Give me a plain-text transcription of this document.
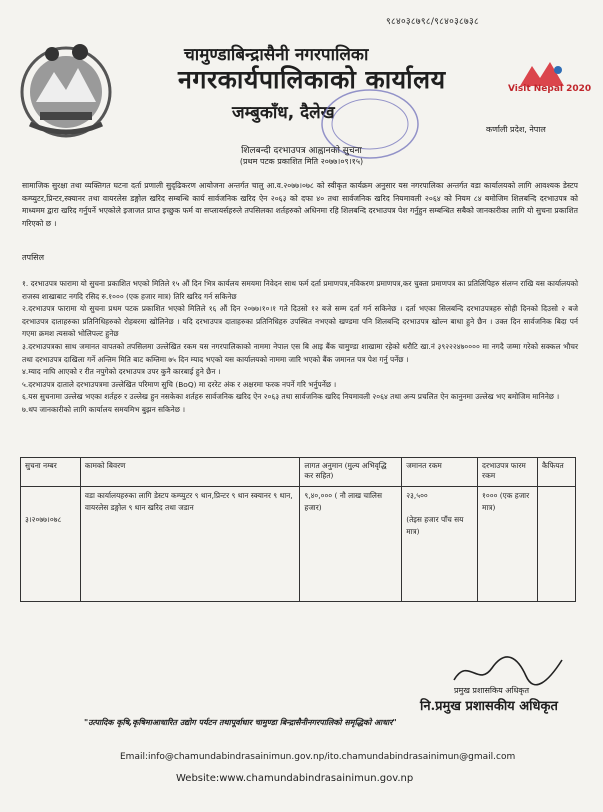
९८४०३८७९८/९८४०३८७३८
चामुण्डाबिन्द्रासैनी नगरपालिका
नगरकार्यपालिकाको कार्यालय
जम्बुकाँध, दैलेख
Visit Nepal 2020
कर्णाली प्रदेश, नेपाल
शिलबन्दी दरभाउपत्र आह्वानको सुचना
(प्रथम पटक प्रकाशित मिति २०७७।०९।१५)
सामाजिक सुरक्षा तथा व्यक्तिगत घटना दर्ता प्रणाली सुदृढिकरण आयोजना अन्तर्गत चालु आ.व.२०७७।०७८ को स्वीकृत कार्यक्रम अनुसार यस नगरपालिका अन्तर्गत वडा कार्यालयको लागि आवश्यक डेस्टप कम्प्युटर,प्रिन्टर,स्क्यानर तथा वायरलेस डङ्गोल खरिद सम्बन्धि कार्य सार्वजनिक खरिद ऐन २०६३ को दफा ४० तथा सार्वजनिक खरिद नियमावली २०६४ को नियम ८४ बमोजिम शिलबन्दि दरभाउपत्र को माध्यमम द्वारा खरिद गर्नुपर्ने भएकोले इजाजत प्राप्त इच्छुक फर्म वा सप्लायर्सहरुले तपसिलका शर्तहरुको अधिनमा रहि शिलबन्दि दरभाउपत्र पेश गर्नुहुन सम्बन्धित सबैको जानकारीका लागि यो सुचना प्रकाशित गरिएको छ ।
तपसिल
१. दरभाउपत्र फारामा यो सुचना प्रकाशित भएको मितिले १५ औं दिन भित्र कार्यलय समयमा निवेदन साथ फर्म दर्ता प्रमाणपत्र,नविकरण प्रमाणपत्र,कर चुक्ता प्रमाणपत्र का प्रतिलिपिहरु संलग्न राखि यस कार्यालयको राजस्व शाखाबाट नगदि रसिद रु.१००० (एक हजार मात्र) तिरि खरिद गर्न सकिनेछ
२.दरभाउपत्र फारामा यो सुचना प्रथम पटक प्रकाशित भएको मितिले १६ औं दिन २०७७।१०।१ गते दिउसो १२ बजे सम्म दर्ता गर्न सकिनेछ । दर्ता भएका सिलबन्दि दरभाउपत्रहरु सोही दिनको दिउसो २ बजे दरभाउपत्र दाताहरुका प्रतिनिधिहरुको रोहबरमा खोलिनेछ । यदि दरभाउपत्र दाताहरुका प्रतिनिधिहरु उपस्थित नभएको खण्डमा पनि शिलबन्दि दरभाउपत्र खोल्न बाधा हुने छैन । उक्त दिन सार्वजनिक बिदा पर्न गएमा क्रमश त्यसको भोलिपल्ट हुनेछ
३.दरभाउपत्रका साथ जमानत वापतको तपसिलमा उल्लेखित रकम यस नगरपालिकाको नाममा नेपाल एस बि आइ बैंक चामुण्डा शाखामा रहेको धरौटि खा.नं ३९२२२४७०००० मा नगदै जम्मा गरेको सक्कल भौचर तथा दरभाउपत्र दाखिला गर्ने अन्तिम मिति बाट कम्तिमा ७५ दिन म्याद भएको यस कार्यालयको नाममा जारि भएको बैंक जमानत पत्र पेश गर्नु पर्नेछ ।
४.म्याद नाघि आएको र रीत नपुगेको दरभाउपत्र उपर कुनै कारबाई हुने छैन ।
५.दरभाउपत्र दाताले दरभाउपत्रमा उल्लेखित परिमाण सुचि (BoQ) मा दररेट अंक र अक्षरमा फरक नपर्ने गरि भर्नुपर्नेछ ।
६.यस सुचनामा उल्लेख भएका शर्तहरु र उल्लेख हुन नसकेका शर्तहरु सार्वजनिक खरिद ऐन २०६३ तथा सार्वजनिक खरिद नियमावली २०६४ तथा अन्य प्रचलित ऐन कानुनमा उल्लेख भए बमोजिम मानिनेछ ।
७.थप जानकारीको लागि कार्यालय समयमिभ बुझन सकिनेछ ।
सुचना नम्बर	कामको बिवरण	लागत अनुमान (मुल्य अभिवृद्धि कर सहित)	जमानत रकम	दरभाउपत्र फारम रकम	कैफियत

३।२०७७।०७८	वडा कार्यालयहरुका लागि डेस्टप कम्प्युटर ९ थान,प्रिन्टर ९ थान स्क्यानर ९ थान, वायरलेस डङ्गोल ९ थान खरिद तथा जडान	९,४०,००० ( नौ लाख चालिस हजार)	२३,५००
(तेइस हजार पाँच सय मात्र)	१००० (एक हजार मात्र)	
प्रमुख प्रशासकिय अधिकृत
नि.प्रमुख प्रशासकीय अधिकृत
"उत्पादिक कृषि,कृषिमाआधारित उद्योग पर्यटन तथापूर्वाधार चामुण्डा बिन्द्रासैनीनगरपालिको समृद्धिको आधार"
Email:info@chamundabindrasainimun.gov.np/ito.chamundabindrasainimun@gmail.com
Website:www.chamundabindrasainimun.gov.np
